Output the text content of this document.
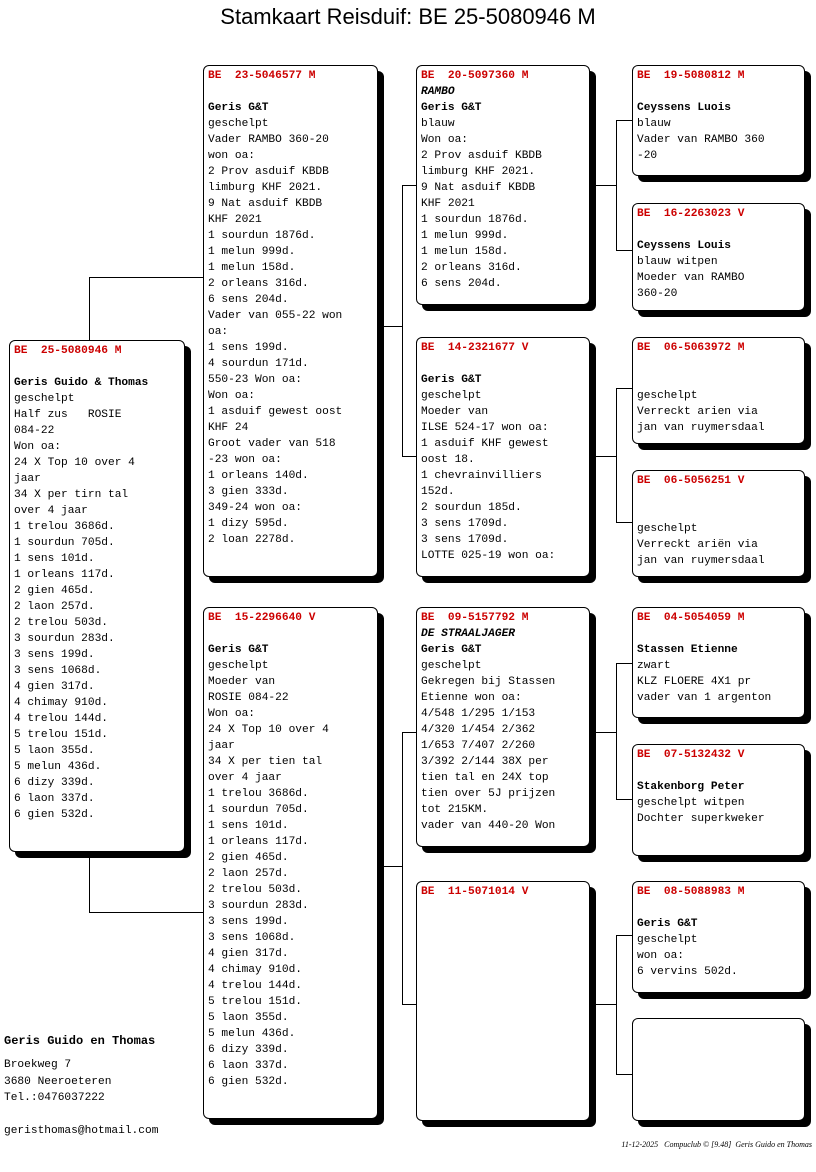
Stamkaart Reisduif: BE 25-5080946 M
BE  25-5080946 M
Geris Guido & Thomas
geschelpt
Half zus   ROSIE
084-22
Won oa:
24 X Top 10 over 4
jaar
34 X per tirn tal
over 4 jaar
1 trelou 3686d.
1 sourdun 705d.
1 sens 101d.
1 orleans 117d.
2 gien 465d.
2 laon 257d.
2 trelou 503d.
3 sourdun 283d.
3 sens 199d.
3 sens 1068d.
4 gien 317d.
4 chimay 910d.
4 trelou 144d.
5 trelou 151d.
5 laon 355d.
5 melun 436d.
6 dizy 339d.
6 laon 337d.
6 gien 532d.
BE  23-5046577 M
Geris G&T
geschelpt
Vader RAMBO 360-20
won oa:
2 Prov asduif KBDB
limburg KHF 2021.
9 Nat asduif KBDB
KHF 2021
1 sourdun 1876d.
1 melun 999d.
1 melun 158d.
2 orleans 316d.
6 sens 204d.
Vader van 055-22 won
oa:
1 sens 199d.
4 sourdun 171d.
550-23 Won oa:
Won oa:
1 asduif gewest oost
KHF 24
Groot vader van 518
-23 won oa:
1 orleans 140d.
3 gien 333d.
349-24 won oa:
1 dizy 595d.
2 loan 2278d.
BE  15-2296640 V
Geris G&T
geschelpt
Moeder van
ROSIE 084-22
Won oa:
24 X Top 10 over 4
jaar
34 X per tien tal
over 4 jaar
1 trelou 3686d.
1 sourdun 705d.
1 sens 101d.
1 orleans 117d.
2 gien 465d.
2 laon 257d.
2 trelou 503d.
3 sourdun 283d.
3 sens 199d.
3 sens 1068d.
4 gien 317d.
4 chimay 910d.
4 trelou 144d.
5 trelou 151d.
5 laon 355d.
5 melun 436d.
6 dizy 339d.
6 laon 337d.
6 gien 532d.
BE  20-5097360 M
RAMBO
Geris G&T
blauw
Won oa:
2 Prov asduif KBDB
limburg KHF 2021.
9 Nat asduif KBDB
KHF 2021
1 sourdun 1876d.
1 melun 999d.
1 melun 158d.
2 orleans 316d.
6 sens 204d.
BE  14-2321677 V
Geris G&T
geschelpt
Moeder van
ILSE 524-17 won oa:
1 asduif KHF gewest
oost 18.
1 chevrainvilliers
152d.
2 sourdun 185d.
3 sens 1709d.
3 sens 1709d.
LOTTE 025-19 won oa:
BE  09-5157792 M
DE STRAALJAGER
Geris G&T
geschelpt
Gekregen bij Stassen
Etienne won oa:
4/548 1/295 1/153
4/320 1/454 2/362
1/653 7/407 2/260
3/392 2/144 38X per
tien tal en 24X top
tien over 5J prijzen
tot 215KM.
vader van 440-20 Won
BE  11-5071014 V
BE  19-5080812 M
Ceyssens Luois
blauw
Vader van RAMBO 360
-20
BE  16-2263023 V
Ceyssens Louis
blauw witpen
Moeder van RAMBO
360-20
BE  06-5063972 M
geschelpt
Verreckt arien via
jan van ruymersdaal
BE  06-5056251 V
geschelpt
Verreckt ariën via
jan van ruymersdaal
BE  04-5054059 M
Stassen Etienne
zwart
KLZ FLOERE 4X1 pr
vader van 1 argenton
BE  07-5132432 V
Stakenborg Peter
geschelpt witpen
Dochter superkweker
BE  08-5088983 M
Geris G&T
geschelpt
won oa:
6 vervins 502d.
Geris Guido en Thomas
Broekweg 7
3680 Neeroeteren
Tel.:0476037222
geristhomas@hotmail.com
11-12-2025   Compuclub © [9.48]  Geris Guido en Thomas
